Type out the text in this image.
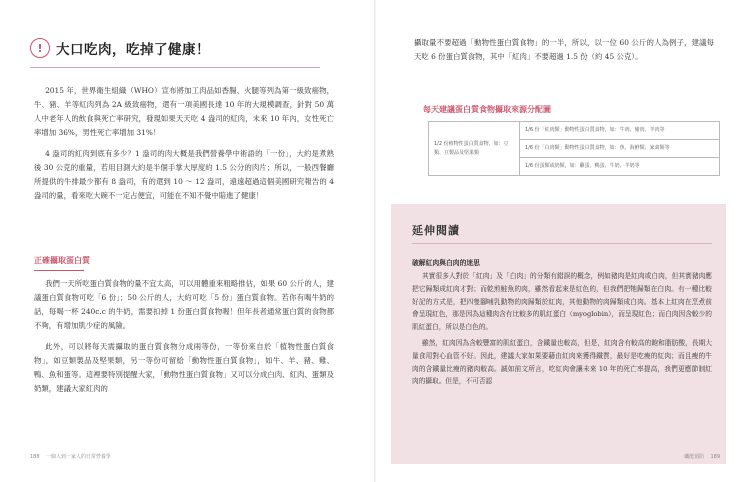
! 大口吃肉，吃掉了健康！

2015 年，世界衛生組織（WHO）宣布將加工肉品如香腸、火腿等列為第一級致癌物，牛、豬、羊等紅肉列為 2A 級致癌物，還有一項美國長達 10 年的大規模調查，針對 50 萬人中老年人的飲食與死亡率研究，發現如果天天吃 4 盎司的紅肉，未來 10 年內，女性死亡率增加 36%，男性死亡率增加 31%！

4 盎司的紅肉到底有多少？1 盎司的肉大概是我們營養學中術語的「一份」，大約是煮熟後 30 公克的重量，若用目測大約是半個手掌大厚度約 1.5 公分的肉片；所以，一般西餐廳所提供的牛排最少都有 8 盎司，有的還到 10 ～ 12 盎司，遠遠超過這個美國研究報告的 4 盎司的量，看來吃大碗不一定占便宜，可能在不知不覺中賠進了健康！

正確攝取蛋白質

我們一天所吃蛋白質食物的量不宜太高，可以用體重來粗略推估，如果 60 公斤的人，建議蛋白質食物可吃「6 份」；50 公斤的人，大約可吃「5 份」蛋白質食物。若你有喝牛奶的話，每喝一杯 240c.c 的牛奶，需要扣掉 1 份蛋白質食物喔！但年長者通常蛋白質的食物都不夠，有增加肌少症的風險。

此外，可以將每天需攝取的蛋白質食物分成兩等份，一等份來自於「植物性蛋白質食物」，如豆類製品及堅果類，另一等份可留給「動物性蛋白質食物」，如牛、羊、豬、雞、鴨、魚和蛋等。這裡要特別提醒大家，「動物性蛋白質食物」又可以分成白肉、紅肉、蛋類及奶類，建議大家紅肉的

188 一個人到一家人的日常營養學

攝取量不要超過「動物性蛋白質食物」的一半，所以，以一位 60 公斤的人為例子，建議每天吃 6 份蛋白質食物，其中「紅肉」不要超過 1.5 份（約 45 公克）。

每天建議蛋白質食物攝取來源分配圖
1/2 份植物性蛋白質食物，如：豆類、豆製品及堅果類	1/6 份「紅肉類」動物性蛋白質食物，如：牛肉、豬肉、羊肉等
1/6 份「白肉類」動物性蛋白質食物，如：魚、海鮮類、家禽類等
1/6 份蛋類或奶類，如：雞蛋、鴨蛋、牛奶、羊奶等
延伸閱讀
破解紅肉與白肉的迷思

其實很多人對於「紅肉」及「白肉」的分類有錯誤的概念，例如豬肉是紅肉或白肉，但其實豬肉應把它歸類成紅肉才對；而乾煎鮭魚的肉，雖然看起來是紅色的，但我們把牠歸類在白肉。有一種比較好記的方式是，把四隻腳哺乳動物的肉歸類於紅肉，其他動物的肉歸類成白肉。基本上紅肉在烹煮前會呈現紅色，那是因為這種肉含有比較多的肌紅蛋白（myoglobin），而呈現紅色；而白肉因含較少的肌紅蛋白，所以是白色的。

雖然，紅肉因為含較豐富的肌紅蛋白，含鐵量也較高，但是，紅肉含有較高的飽和脂肪酸，長期大量食用對心血管不好。因此，建議大家如果要藉由紅肉來獲得鐵質，最好是吃瘦的紅肉；而且瘦的牛肉的含鐵量比瘦的豬肉較高。誠如前文所言，吃紅肉會讓未來 10 年的死亡率提高，我們更應節制紅肉的攝取。但是，不可否認

纖能預防 189
